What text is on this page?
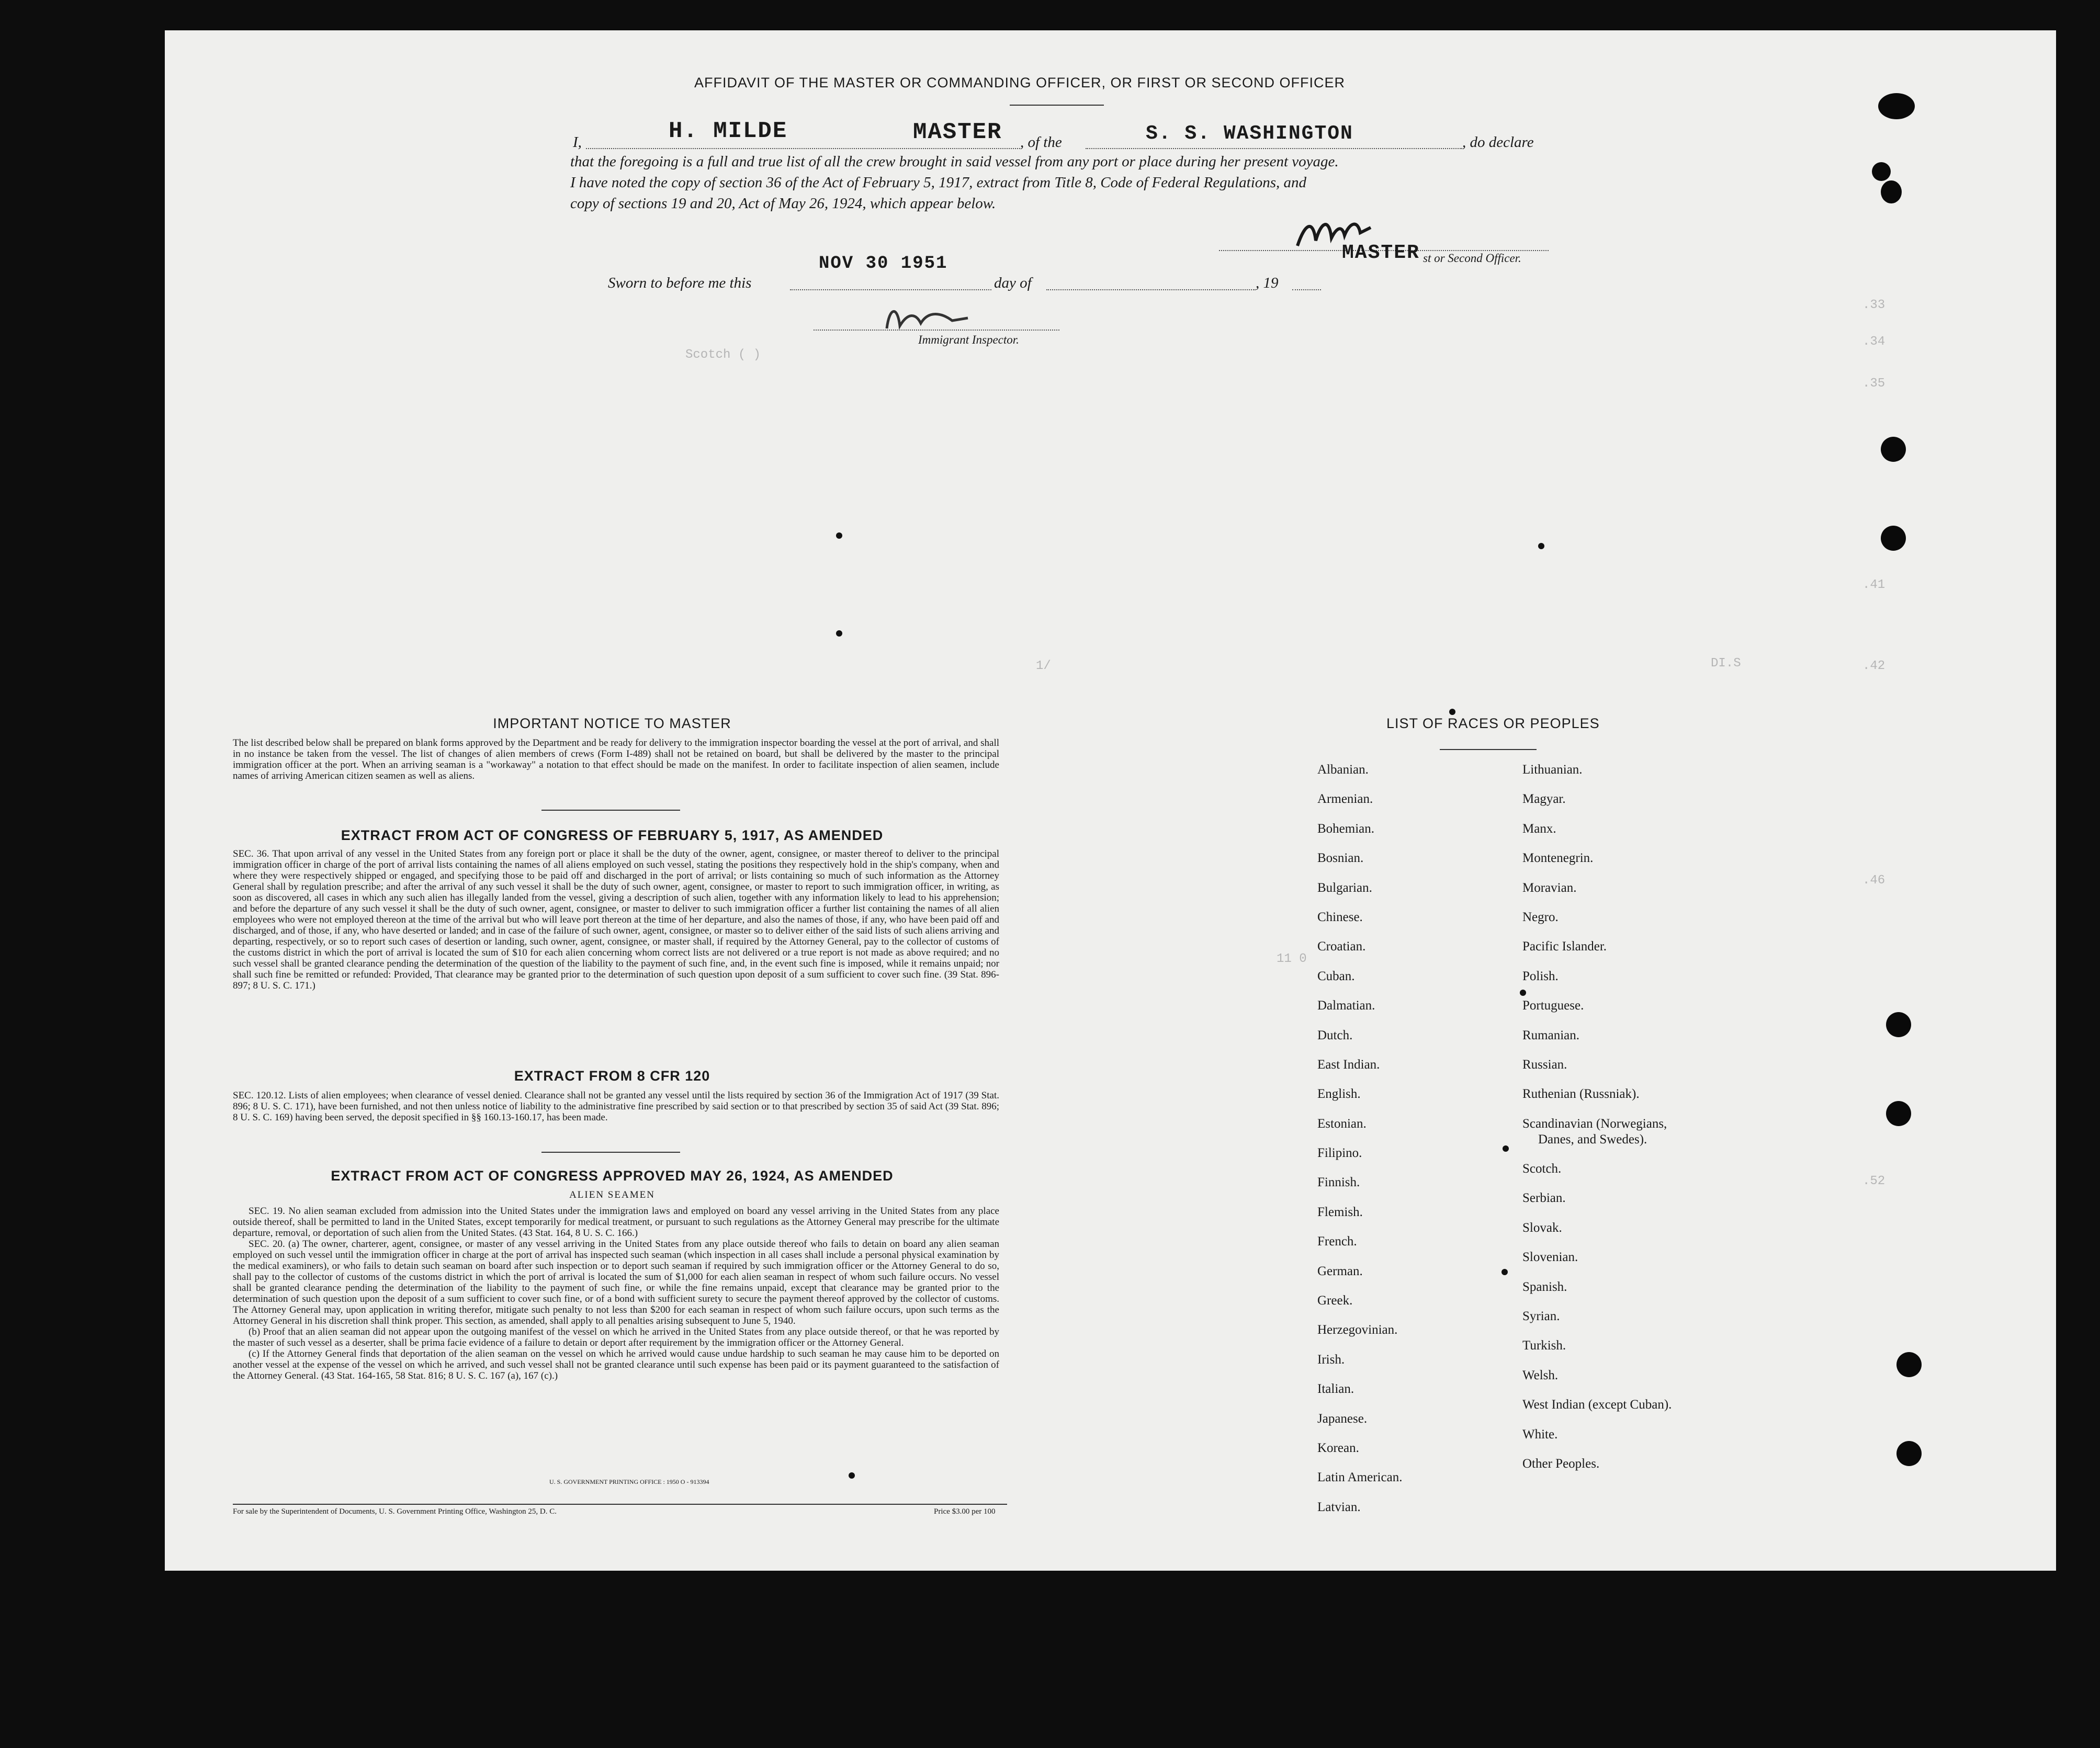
.33
.34
.35
.41
.42
.46
.52
Scotch ( )
1/	DI.S
11 0
AFFIDAVIT OF THE MASTER OR COMMANDING OFFICER, OR FIRST OR SECOND OFFICER
I,	H. MILDE	MASTER , of the	S. S. WASHINGTON	, do declare
that the foregoing is a full and true list of all the crew brought in said vessel from any port or place during her present voyage.
I have noted the copy of section 36 of the Act of February 5, 1917, extract from Title 8, Code of Federal Regulations, and
copy of sections 19 and 20, Act of May 26, 1924, which appear below.
MASTER st or Second Officer.
Sworn to before me this
NOV 30 1951
day of	, 19
Immigrant Inspector.
IMPORTANT NOTICE TO MASTER
The list described below shall be prepared on blank forms approved by the Department and be ready for delivery to the immigration inspector boarding the vessel at the port of arrival, and shall in no instance be taken from the vessel. The list of changes of alien members of crews (Form I-489) shall not be retained on board, but shall be delivered by the master to the principal immigration officer at the port. When an arriving seaman is a "workaway" a notation to that effect should be made on the manifest. In order to facilitate inspection of alien seamen, include names of arriving American citizen seamen as well as aliens.
EXTRACT FROM ACT OF CONGRESS OF FEBRUARY 5, 1917, AS AMENDED
SEC. 36. That upon arrival of any vessel in the United States from any foreign port or place it shall be the duty of the owner, agent, consignee, or master thereof to deliver to the principal immigration officer in charge of the port of arrival lists containing the names of all aliens employed on such vessel, stating the positions they respectively hold in the ship's company, when and where they were respectively shipped or engaged, and specifying those to be paid off and discharged in the port of arrival; or lists containing so much of such information as the Attorney General shall by regulation prescribe; and after the arrival of any such vessel it shall be the duty of such owner, agent, consignee, or master to report to such immigration officer, in writing, as soon as discovered, all cases in which any such alien has illegally landed from the vessel, giving a description of such alien, together with any information likely to lead to his apprehension; and before the departure of any such vessel it shall be the duty of such owner, agent, consignee, or master to deliver to such immigration officer a further list containing the names of all alien employees who were not employed thereon at the time of the arrival but who will leave port thereon at the time of her departure, and also the names of those, if any, who have been paid off and discharged, and of those, if any, who have deserted or landed; and in case of the failure of such owner, agent, consignee, or master so to deliver either of the said lists of such aliens arriving and departing, respectively, or so to report such cases of desertion or landing, such owner, agent, consignee, or master shall, if required by the Attorney General, pay to the collector of customs of the customs district in which the port of arrival is located the sum of $10 for each alien concerning whom correct lists are not delivered or a true report is not made as above required; and no such vessel shall be granted clearance pending the determination of the question of the liability to the payment of such fine, and, in the event such fine is imposed, while it remains unpaid; nor shall such fine be remitted or refunded: Provided, That clearance may be granted prior to the determination of such question upon deposit of a sum sufficient to cover such fine. (39 Stat. 896-897; 8 U. S. C. 171.)
EXTRACT FROM 8 CFR 120
SEC. 120.12. Lists of alien employees; when clearance of vessel denied. Clearance shall not be granted any vessel until the lists required by section 36 of the Immigration Act of 1917 (39 Stat. 896; 8 U. S. C. 171), have been furnished, and not then unless notice of liability to the administrative fine prescribed by said section or to that prescribed by section 35 of said Act (39 Stat. 896; 8 U. S. C. 169) having been served, the deposit specified in §§ 160.13-160.17, has been made.
EXTRACT FROM ACT OF CONGRESS APPROVED MAY 26, 1924, AS AMENDED
ALIEN SEAMEN
SEC. 19. No alien seaman excluded from admission into the United States under the immigration laws and employed on board any vessel arriving in the United States from any place outside thereof, shall be permitted to land in the United States, except temporarily for medical treatment, or pursuant to such regulations as the Attorney General may prescribe for the ultimate departure, removal, or deportation of such alien from the United States. (43 Stat. 164, 8 U. S. C. 166.)
SEC. 20. (a) The owner, charterer, agent, consignee, or master of any vessel arriving in the United States from any place outside thereof who fails to detain on board any alien seaman employed on such vessel until the immigration officer in charge at the port of arrival has inspected such seaman (which inspection in all cases shall include a personal physical examination by the medical examiners), or who fails to detain such seaman on board after such inspection or to deport such seaman if required by such immigration officer or the Attorney General to do so, shall pay to the collector of customs of the customs district in which the port of arrival is located the sum of $1,000 for each alien seaman in respect of whom such failure occurs. No vessel shall be granted clearance pending the determination of the liability to the payment of such fine, or while the fine remains unpaid, except that clearance may be granted prior to the determination of such question upon the deposit of a sum sufficient to cover such fine, or of a bond with sufficient surety to secure the payment thereof approved by the collector of customs. The Attorney General may, upon application in writing therefor, mitigate such penalty to not less than $200 for each seaman in respect of whom such failure occurs, upon such terms as the Attorney General in his discretion shall think proper. This section, as amended, shall apply to all penalties arising subsequent to June 5, 1940.
(b) Proof that an alien seaman did not appear upon the outgoing manifest of the vessel on which he arrived in the United States from any place outside thereof, or that he was reported by the master of such vessel as a deserter, shall be prima facie evidence of a failure to detain or deport after requirement by the immigration officer or the Attorney General.
(c) If the Attorney General finds that deportation of the alien seaman on the vessel on which he arrived would cause undue hardship to such seaman he may cause him to be deported on another vessel at the expense of the vessel on which he arrived, and such vessel shall not be granted clearance until such expense has been paid or its payment guaranteed to the satisfaction of the Attorney General. (43 Stat. 164-165, 58 Stat. 816; 8 U. S. C. 167 (a), 167 (c).)
U. S. GOVERNMENT PRINTING OFFICE : 1950 O - 913394
For sale by the Superintendent of Documents, U. S. Government Printing Office, Washington 25, D. C.	Price $3.00 per 100
LIST OF RACES OR PEOPLES
Albanian.
Armenian.
Bohemian.
Bosnian.
Bulgarian.
Chinese.
Croatian.
Cuban.
Dalmatian.
Dutch.
East Indian.
English.
Estonian.
Filipino.
Finnish.
Flemish.
French.
German.
Greek.
Herzegovinian.
Irish.
Italian.
Japanese.
Korean.
Latin American.
Latvian.
Lithuanian.
Magyar.
Manx.
Montenegrin.
Moravian.
Negro.
Pacific Islander.
Polish.
Portuguese.
Rumanian.
Russian.
Ruthenian (Russniak).
Scandinavian (Norwegians,
Danes, and Swedes).
Scotch.
Serbian.
Slovak.
Slovenian.
Spanish.
Syrian.
Turkish.
Welsh.
West Indian (except Cuban).
White.
Other Peoples.
